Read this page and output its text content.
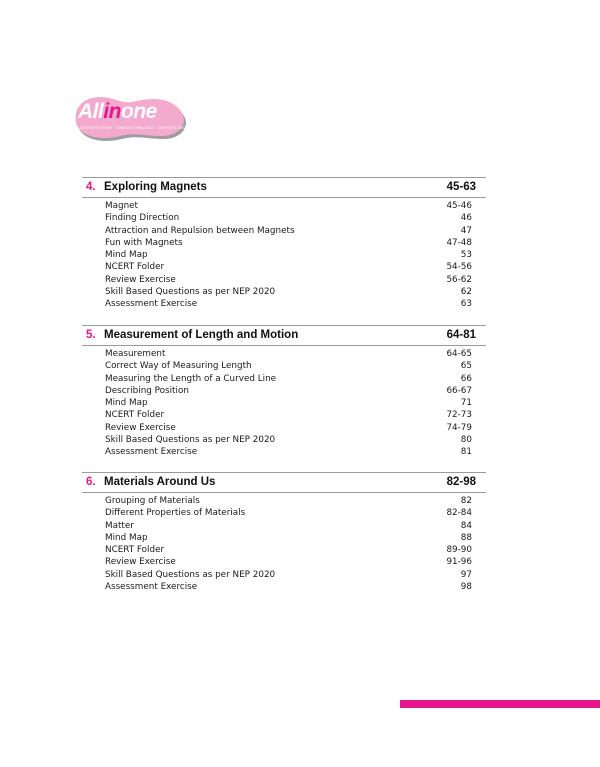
Allinone
COMPLETE STUDY · COMPLETE PRACTICE · COMPLETE ASSESSMENT
4. Exploring Magnets	45-63
Magnet	45-46
Finding Direction	46
Attraction and Repulsion between Magnets	47
Fun with Magnets	47-48
Mind Map	53
NCERT Folder	54-56
Review Exercise	56-62
Skill Based Questions as per NEP 2020	62
Assessment Exercise	63
5. Measurement of Length and Motion	64-81
Measurement	64-65
Correct Way of Measuring Length	65
Measuring the Length of a Curved Line	66
Describing Position	66-67
Mind Map	71
NCERT Folder	72-73
Review Exercise	74-79
Skill Based Questions as per NEP 2020	80
Assessment Exercise	81
6. Materials Around Us	82-98
Grouping of Materials	82
Different Properties of Materials	82-84
Matter	84
Mind Map	88
NCERT Folder	89-90
Review Exercise	91-96
Skill Based Questions as per NEP 2020	97
Assessment Exercise	98
